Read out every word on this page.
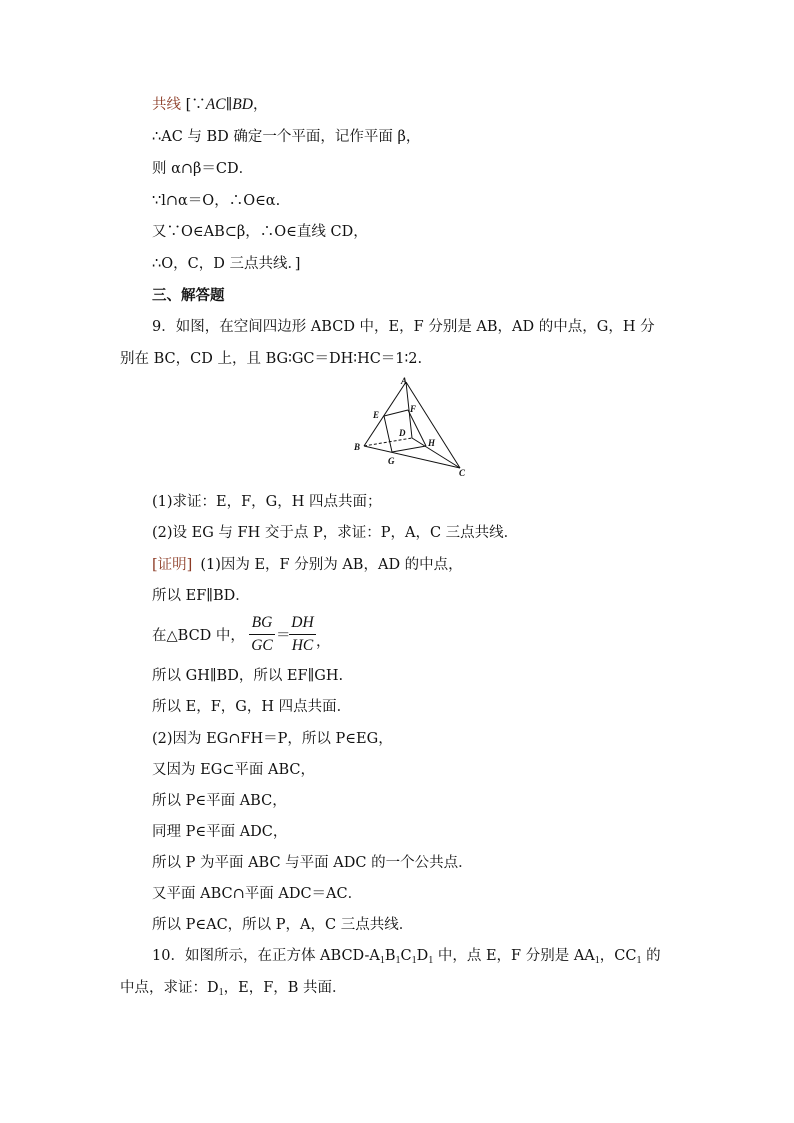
共线 [∵AC∥BD，
∴AC 与 BD 确定一个平面，记作平面 β，
则 α∩β＝CD．
∵l∩α＝O，∴O∈α.
又∵O∈AB⊂β，∴O∈直线 CD，
∴O，C，D 三点共线．]
三、解答题
9．如图，在空间四边形 ABCD 中，E，F 分别是 AB，AD 的中点，G，H 分
别在 BC，CD 上，且 BG∶GC＝DH∶HC＝1∶2.
A
B
C
D
E
F
G
H
(1)求证：E，F，G，H 四点共面；
(2)设 EG 与 FH 交于点 P，求证：P，A，C 三点共线．
[证明] (1)因为 E，F 分别为 AB，AD 的中点，
所以 EF∥BD．
在△BCD 中，
BG
GC
＝
DH
HC ，
所以 GH∥BD，所以 EF∥GH.
所以 E，F，G，H 四点共面．
(2)因为 EG∩FH＝P，所以 P∈EG，
又因为 EG⊂平面 ABC，
所以 P∈平面 ABC，
同理 P∈平面 ADC，
所以 P 为平面 ABC 与平面 ADC 的一个公共点．
又平面 ABC∩平面 ADC＝AC．
所以 P∈AC，所以 P，A，C 三点共线．
10．如图所示，在正方体 ABCD-$A_1B_1C_1D_1$ 中，点 E，F 分别是 $AA_1$，$CC_1$ 的
中点，求证：$D_1$，E，F，B 共面．
